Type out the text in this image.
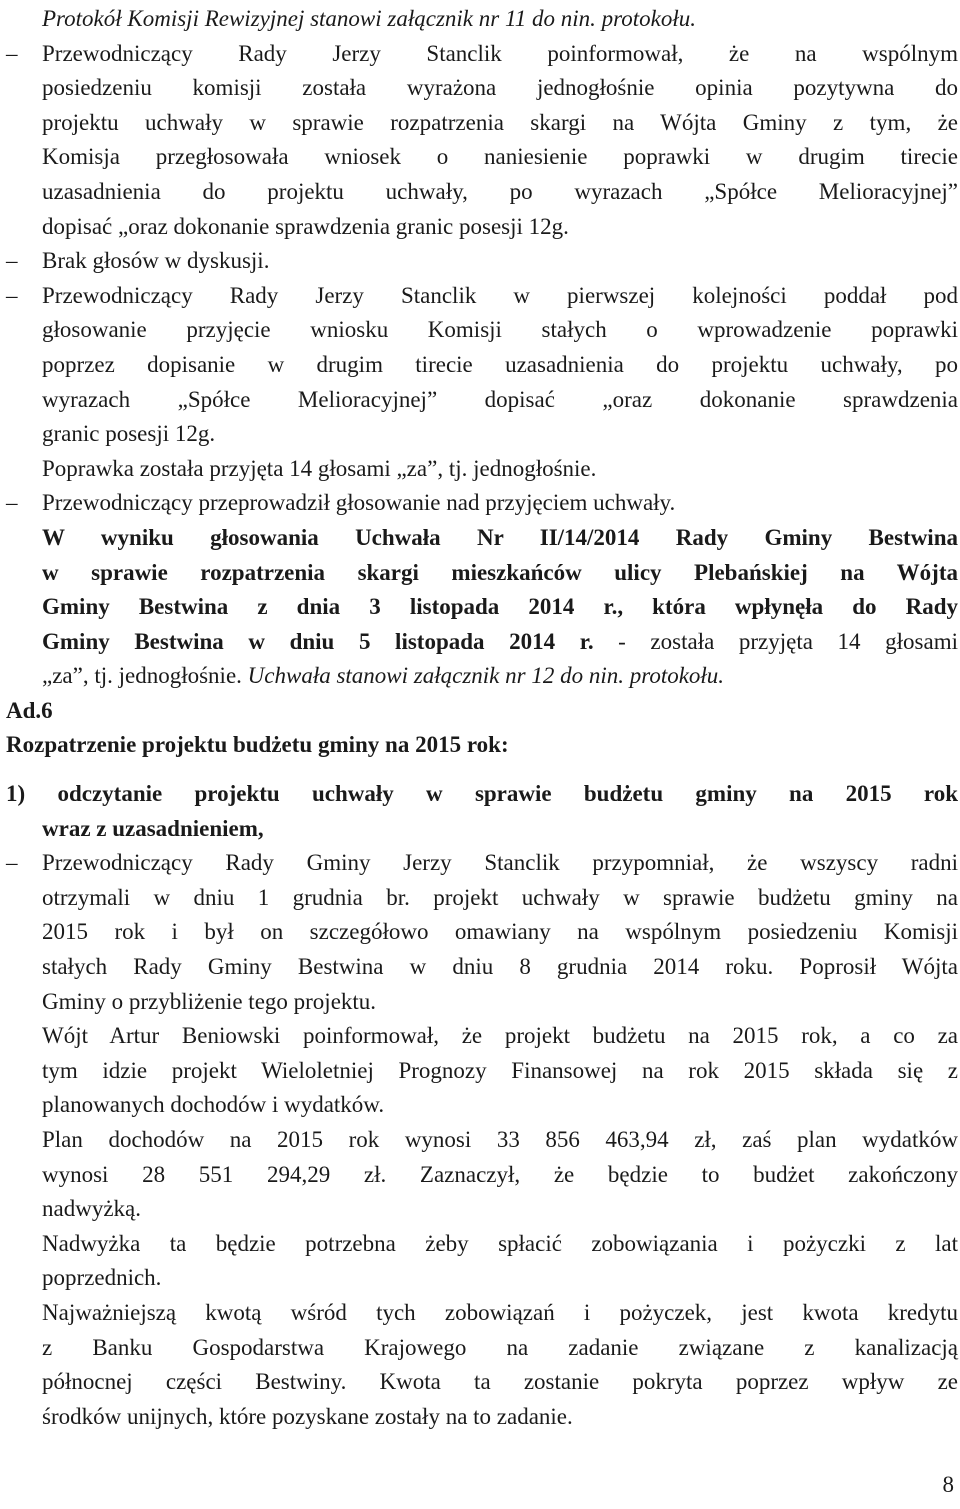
Protokół Komisji Rewizyjnej stanowi załącznik nr 11 do nin. protokołu.
– Przewodniczący Rady Jerzy Stanclik poinformował, że na wspólnym
posiedzeniu komisji została wyrażona jednogłośnie opinia pozytywna do
projektu uchwały w sprawie rozpatrzenia skargi na Wójta Gminy z tym, że
Komisja przegłosowała wniosek o naniesienie poprawki w drugim tirecie
uzasadnienia do projektu uchwały, po wyrazach „Spółce Melioracyjnej”
dopisać „oraz dokonanie sprawdzenia granic posesji 12g.
– Brak głosów w dyskusji.
– Przewodniczący Rady Jerzy Stanclik w pierwszej kolejności poddał pod
głosowanie przyjęcie wniosku Komisji stałych o wprowadzenie poprawki
poprzez dopisanie w drugim tirecie uzasadnienia do projektu uchwały, po
wyrazach „Spółce Melioracyjnej” dopisać „oraz dokonanie sprawdzenia
granic posesji 12g.
Poprawka została przyjęta 14 głosami „za”, tj. jednogłośnie.
– Przewodniczący przeprowadził głosowanie nad przyjęciem uchwały.
W wyniku głosowania Uchwała Nr II/14/2014 Rady Gminy Bestwina
w sprawie rozpatrzenia skargi mieszkańców ulicy Plebańskiej na Wójta
Gminy Bestwina z dnia 3 listopada 2014 r., która wpłynęła do Rady
Gminy Bestwina w dniu 5 listopada 2014 r. - została przyjęta 14 głosami
„za”, tj. jednogłośnie. Uchwała stanowi załącznik nr 12 do nin. protokołu.
Ad.6
Rozpatrzenie projektu budżetu gminy na 2015 rok:
1) odczytanie projektu uchwały w sprawie budżetu gminy na 2015 rok
wraz z uzasadnieniem,
– Przewodniczący Rady Gminy Jerzy Stanclik przypomniał, że wszyscy radni
otrzymali w dniu 1 grudnia br. projekt uchwały w sprawie budżetu gminy na
2015 rok i był on szczegółowo omawiany na wspólnym posiedzeniu Komisji
stałych Rady Gminy Bestwina w dniu 8 grudnia 2014 roku. Poprosił Wójta
Gminy o przybliżenie tego projektu.
Wójt Artur Beniowski poinformował, że projekt budżetu na 2015 rok, a co za
tym idzie projekt Wieloletniej Prognozy Finansowej na rok 2015 składa się z
planowanych dochodów i wydatków.
Plan dochodów na 2015 rok wynosi 33 856 463,94 zł, zaś plan wydatków
wynosi 28 551 294,29 zł. Zaznaczył, że będzie to budżet zakończony
nadwyżką.
Nadwyżka ta będzie potrzebna żeby spłacić zobowiązania i pożyczki z lat
poprzednich.
Najważniejszą kwotą wśród tych zobowiązań i pożyczek, jest kwota kredytu
z Banku Gospodarstwa Krajowego na zadanie związane z kanalizacją
północnej części Bestwiny. Kwota ta zostanie pokryta poprzez wpływ ze
środków unijnych, które pozyskane zostały na to zadanie.
8
